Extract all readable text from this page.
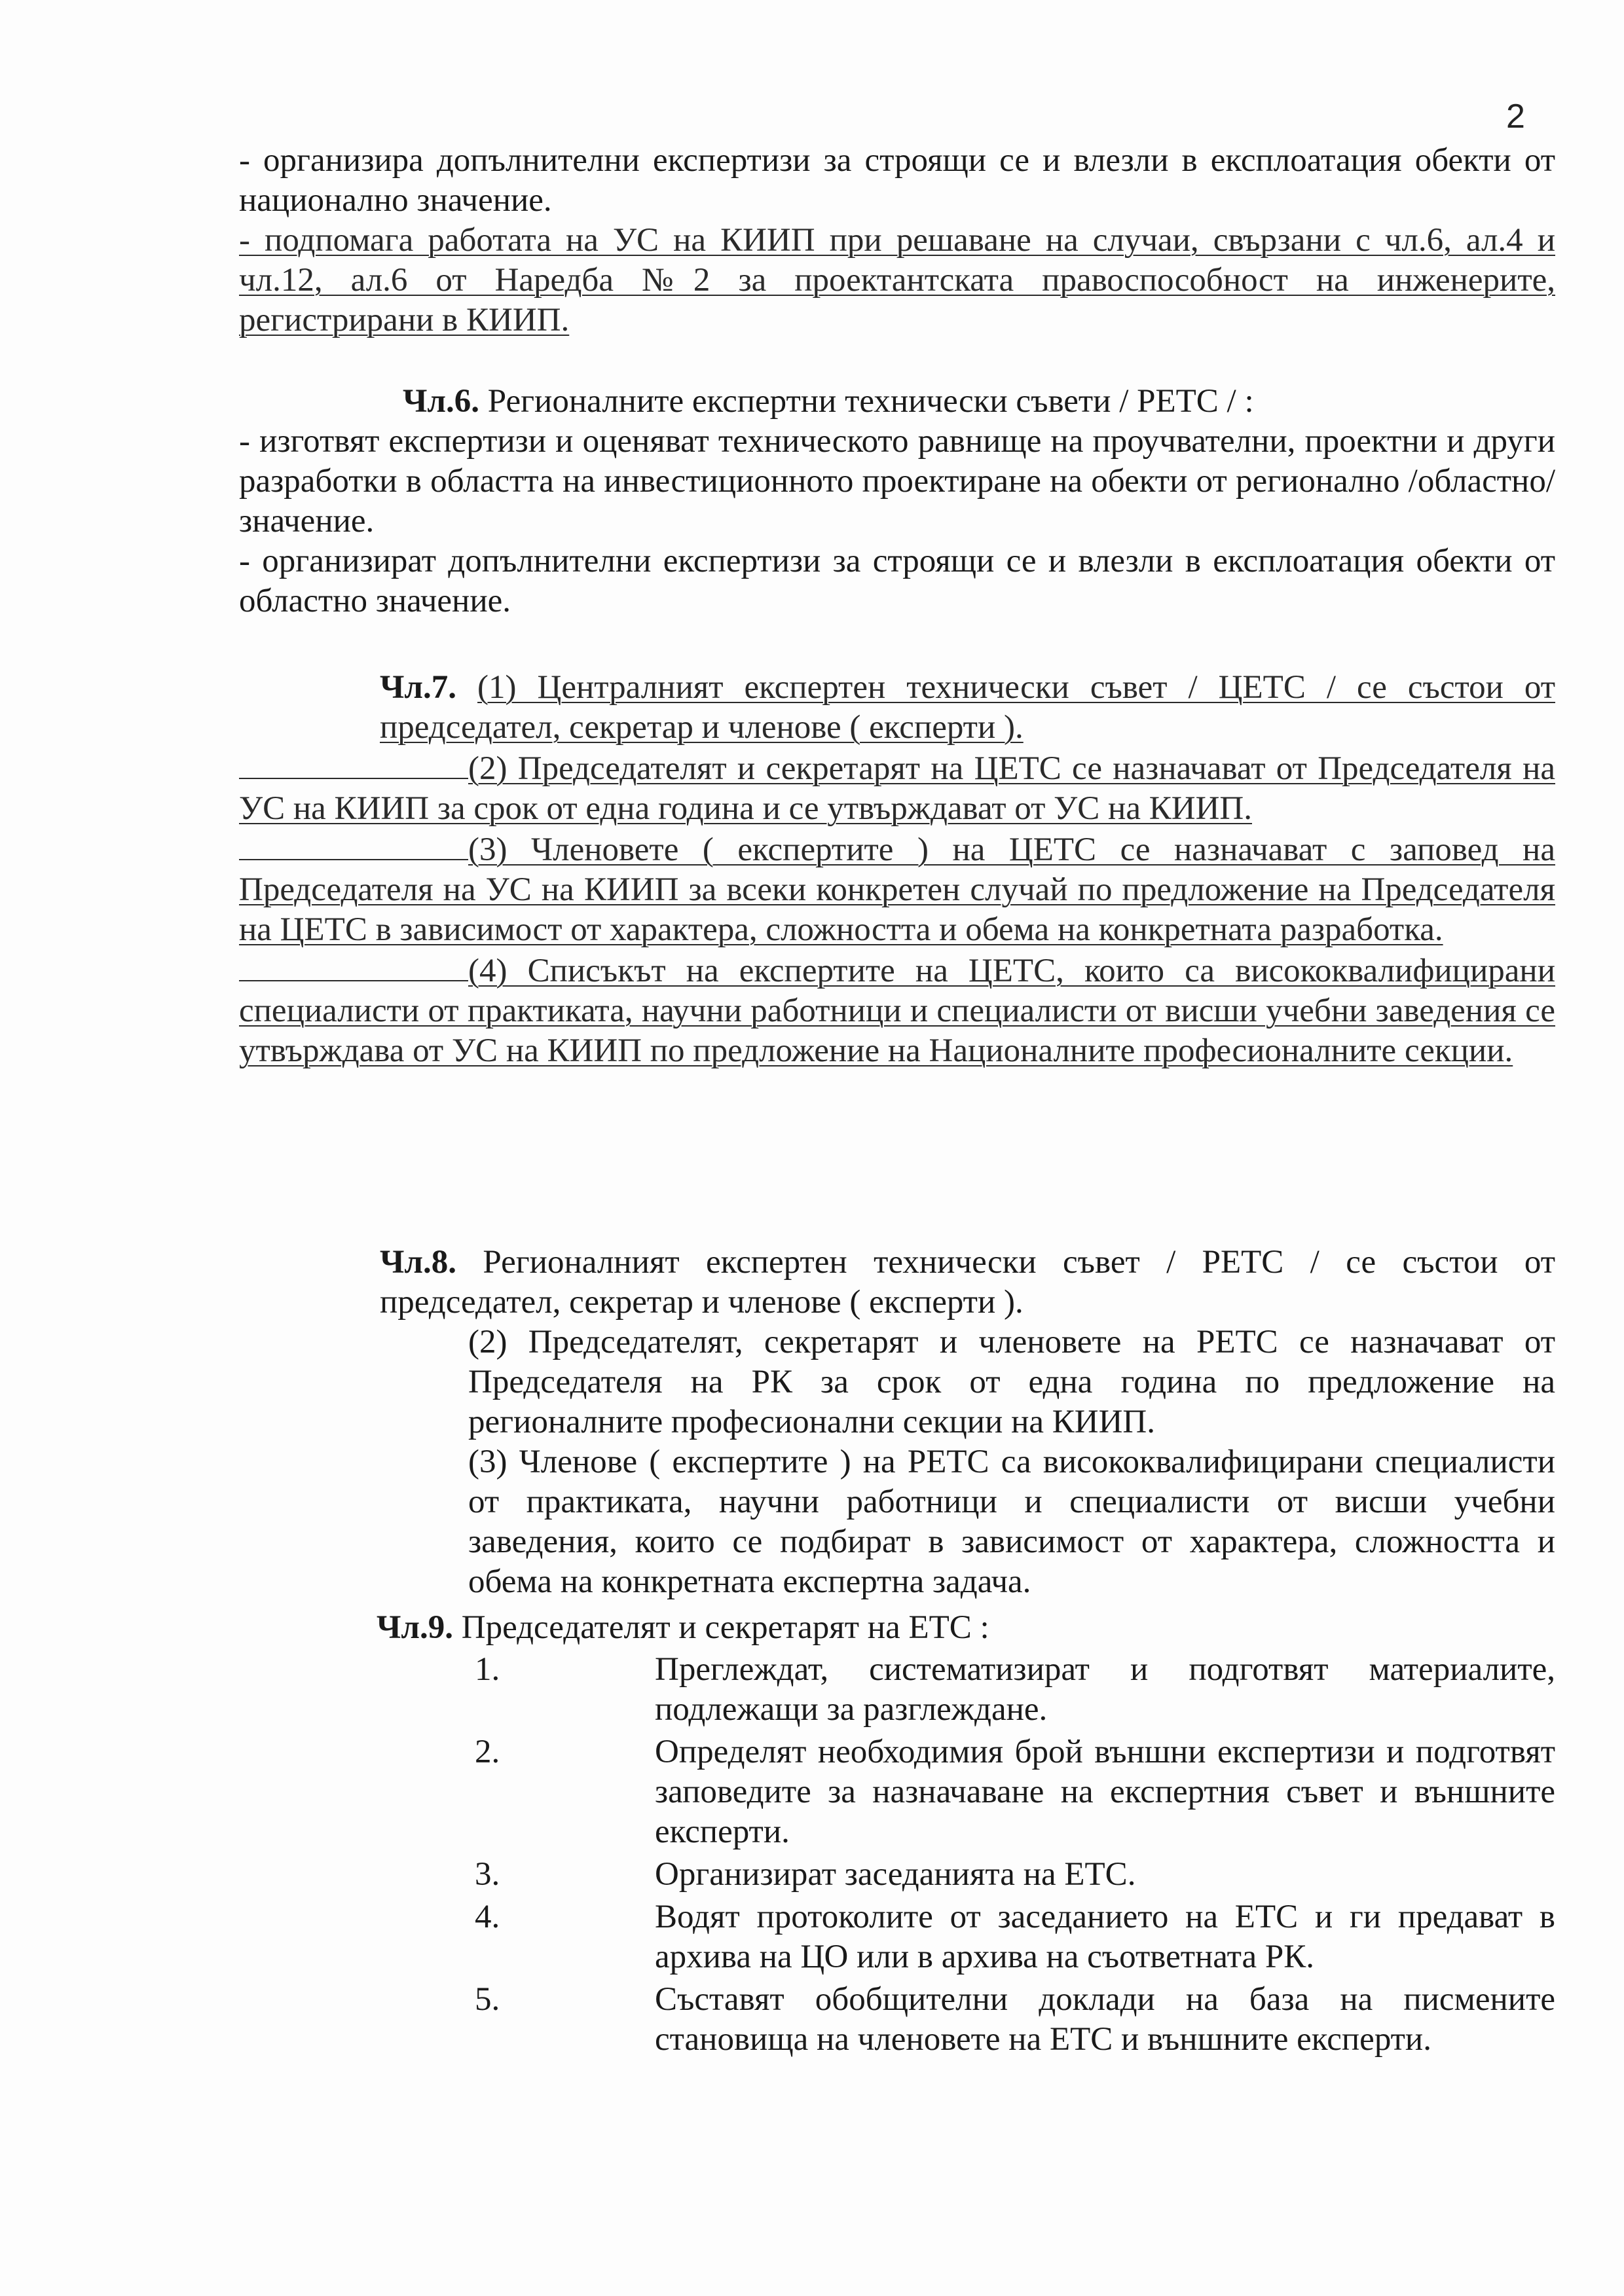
2

- организира допълнителни експертизи за строящи се и влезли в експлоатация обекти от национално значение.

- подпомага работата на УС на КИИП при решаване на случаи, свързани с чл.6, ал.4 и чл.12, ал.6 от Наредба №2 за проектантската правоспособност на инженерите, регистрирани в КИИП.

Чл.6. Регионалните експертни технически съвети / РЕТС / :

- изготвят експертизи и оценяват техническото равнище на проучвателни, проектни и други разработки в областта на инвестиционното проектиране на обекти от регионално /областно/ значение.

- организират допълнителни експертизи за строящи се и влезли в експлоатация обекти от областно значение.

Чл.7. (1) Централният експертен технически съвет / ЦЕТС / се състои от председател, секретар и членове ( експерти ).

(2) Председателят и секретарят на ЦЕТС се назначават от Председателя на УС на КИИП за срок от една година и се утвърждават от УС на КИИП.

(3) Членовете ( експертите ) на ЦЕТС се назначават с заповед на Председателя на УС на КИИП за всеки конкретен случай по предложение на Председателя на ЦЕТС в зависимост от характера, сложността и обема на конкретната разработка.

(4) Списъкът на експертите на ЦЕТС, които са висококвалифицирани специалисти от практиката, научни работници и специалисти от висши учебни заведения се утвърждава от УС на КИИП по предложение на Националните професионалните секции.

Чл.8. Регионалният експертен технически съвет / РЕТС / се състои от председател, секретар и членове ( експерти ).

(2) Председателят, секретарят и членовете на РЕТС се назначават от Председателя на РК за срок от една година по предложение на регионалните професионални секции на КИИП.

(3) Членове ( експертите ) на РЕТС са висококвалифицирани специалисти от практиката, научни работници и специалисти от висши учебни заведения, които се подбират в зависимост от характера, сложността и обема на конкретната експертна задача.

Чл.9. Председателят и секретарят на ЕТС :

1.	Преглеждат, систематизират и подготвят материалите, подлежащи за разглеждане.
2.	Определят необходимия брой външни експертизи и подготвят заповедите за назначаване на експертния съвет и външните експерти.
3.	Организират заседанията на ЕТС.
4.	Водят протоколите от заседанието на ЕТС и ги предават в архива на ЦО или в архива на съответната РК.
5.	Съставят обобщителни доклади на база на писмените становища на членовете на ЕТС и външните експерти.
